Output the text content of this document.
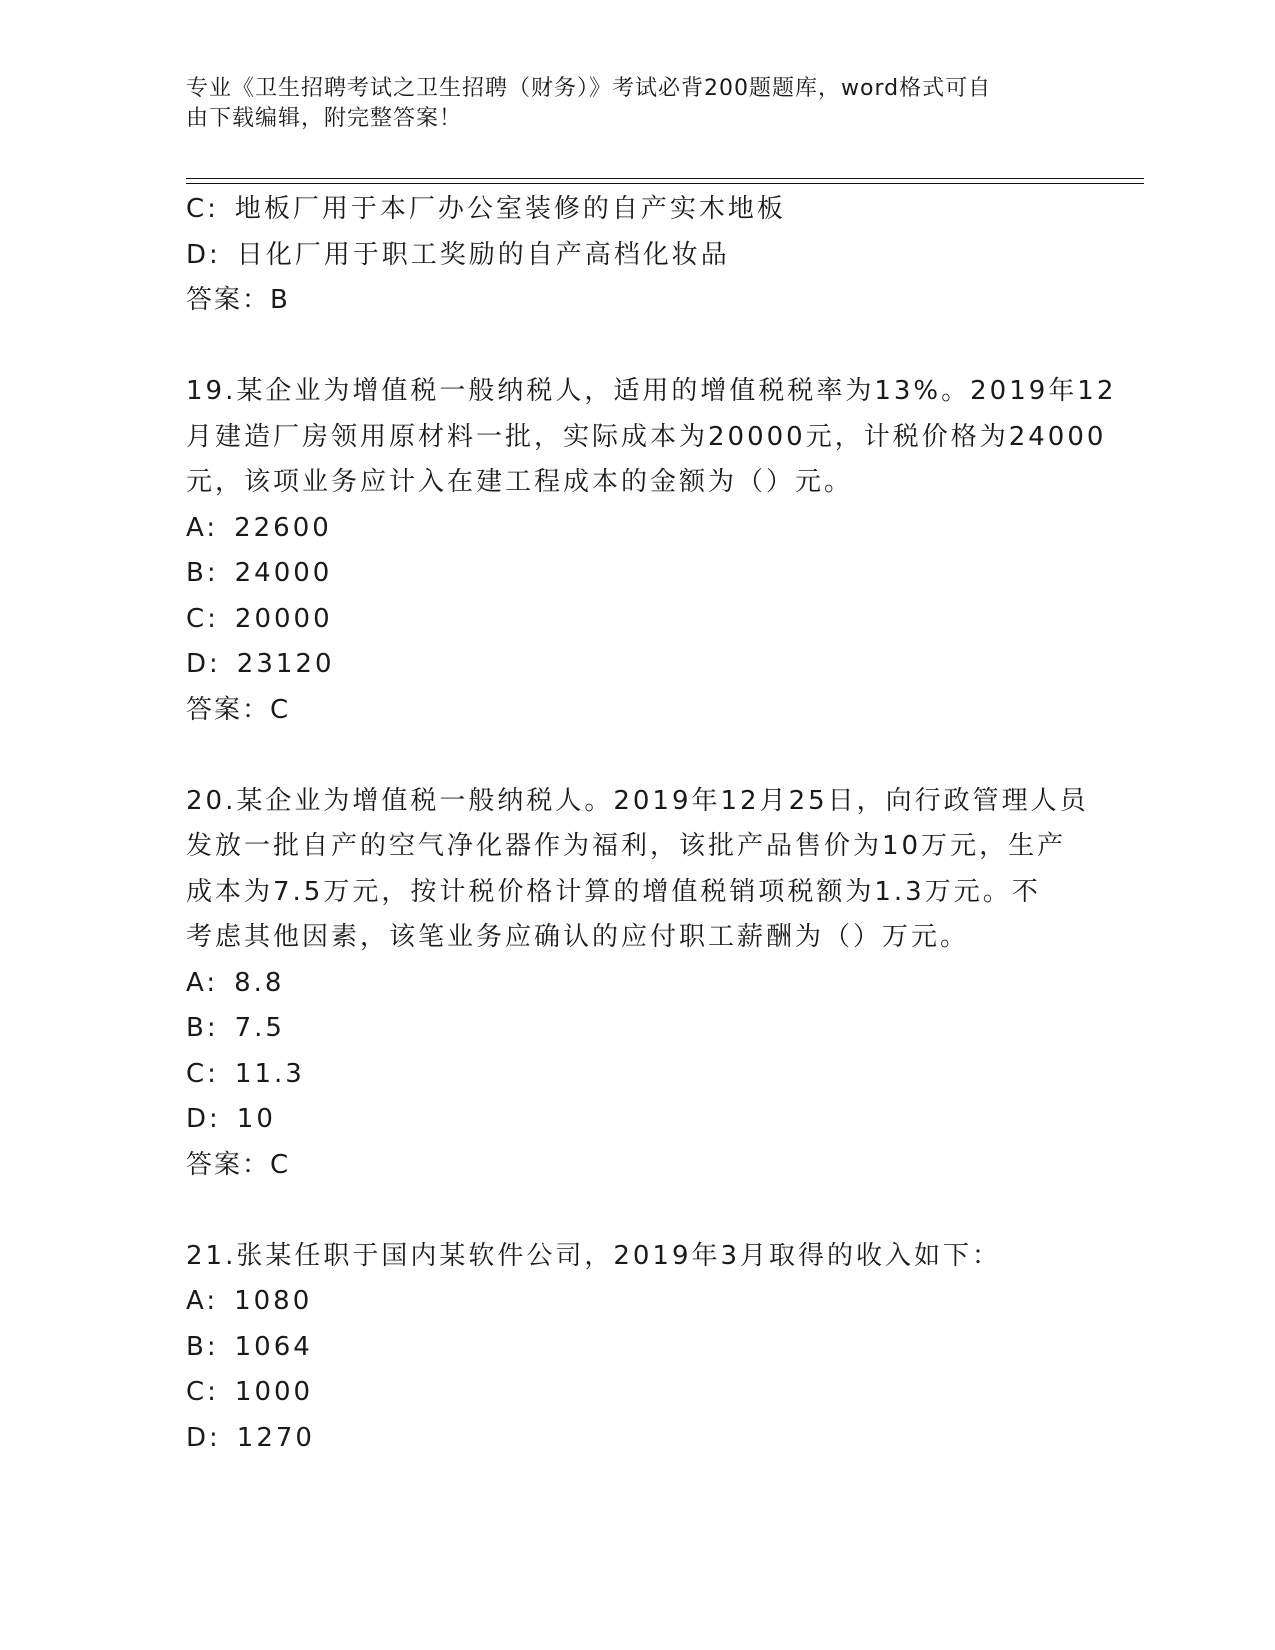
专业《卫生招聘考试之卫生招聘（财务）》考试必背200题题库，word格式可自
由下载编辑，附完整答案！
C: 地板厂用于本厂办公室装修的自产实木地板
D: 日化厂用于职工奖励的自产高档化妆品
答案：B
19.某企业为增值税一般纳税人，适用的增值税税率为13%。2019年12
月建造厂房领用原材料一批，实际成本为20000元，计税价格为24000
元，该项业务应计入在建工程成本的金额为（）元。
A: 22600
B: 24000
C: 20000
D: 23120
答案：C
20.某企业为增值税一般纳税人。2019年12月25日，向行政管理人员
发放一批自产的空气净化器作为福利，该批产品售价为10万元，生产
成本为7.5万元，按计税价格计算的增值税销项税额为1.3万元。不
考虑其他因素，该笔业务应确认的应付职工薪酬为（）万元。
A: 8.8
B: 7.5
C: 11.3
D: 10
答案：C
21.张某任职于国内某软件公司，2019年3月取得的收入如下：
A: 1080
B: 1064
C: 1000
D: 1270
